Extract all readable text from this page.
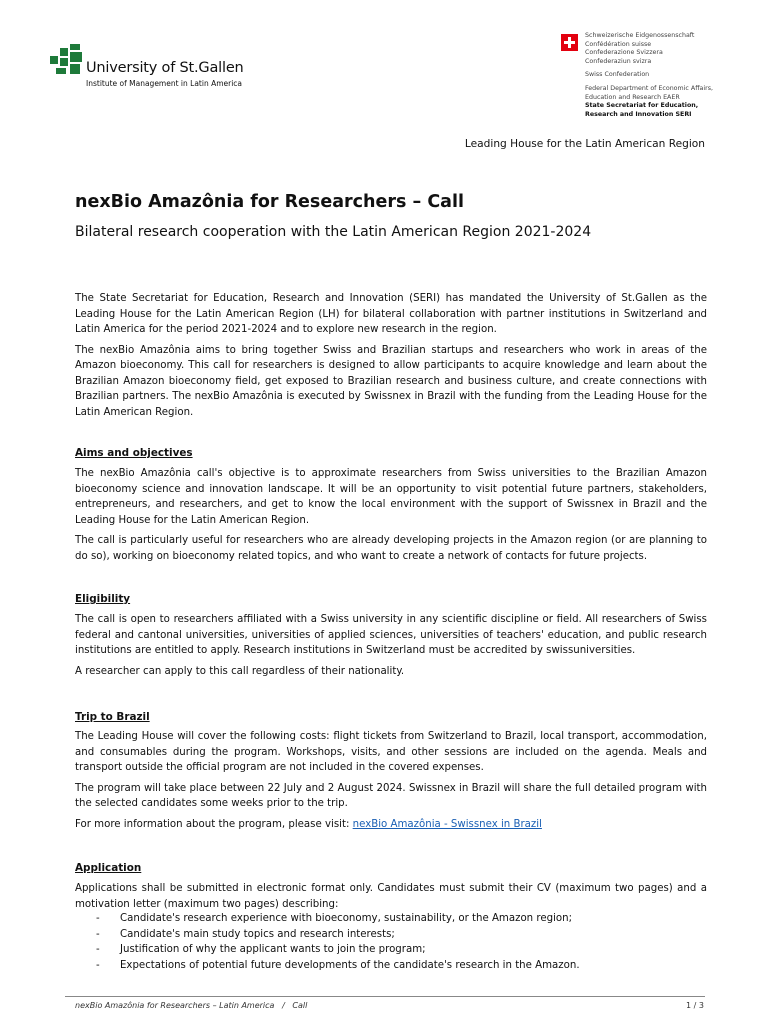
University of St.Gallen
Institute of Management in Latin America
Schweizerische Eidgenossenschaft
Confédération suisse
Confederazione Svizzera
Confederaziun svizra
Swiss Confederation
Federal Department of Economic Affairs,
Education and Research EAER
State Secretariat for Education,
Research and Innovation SERI
Leading House for the Latin American Region
nexBio Amazônia for Researchers – Call
Bilateral research cooperation with the Latin American Region 2021-2024

The State Secretariat for Education, Research and Innovation (SERI) has mandated the University of St.Gallen as the Leading House for the Latin American Region (LH) for bilateral collaboration with partner institutions in Switzerland and Latin America for the period 2021-2024 and to explore new research in the region.

The nexBio Amazônia aims to bring together Swiss and Brazilian startups and researchers who work in areas of the Amazon bioeconomy. This call for researchers is designed to allow participants to acquire knowledge and learn about the Brazilian Amazon bioeconomy field, get exposed to Brazilian research and business culture, and create connections with Brazilian partners. The nexBio Amazônia is executed by Swissnex in Brazil with the funding from the Leading House for the Latin American Region.

Aims and objectives

The nexBio Amazônia call's objective is to approximate researchers from Swiss universities to the Brazilian Amazon bioeconomy science and innovation landscape. It will be an opportunity to visit potential future partners, stakeholders, entrepreneurs, and researchers, and get to know the local environment with the support of Swissnex in Brazil and the Leading House for the Latin American Region.

The call is particularly useful for researchers who are already developing projects in the Amazon region (or are planning to do so), working on bioeconomy related topics, and who want to create a network of contacts for future projects.

Eligibility

The call is open to researchers affiliated with a Swiss university in any scientific discipline or field. All researchers of Swiss federal and cantonal universities, universities of applied sciences, universities of teachers' education, and public research institutions are entitled to apply. Research institutions in Switzerland must be accredited by swissuniversities.

A researcher can apply to this call regardless of their nationality.

Trip to Brazil

The Leading House will cover the following costs: flight tickets from Switzerland to Brazil, local transport, accommodation, and consumables during the program. Workshops, visits, and other sessions are included on the agenda. Meals and transport outside the official program are not included in the covered expenses.

The program will take place between 22 July and 2 August 2024. Swissnex in Brazil will share the full detailed program with the selected candidates some weeks prior to the trip.

For more information about the program, please visit: nexBio Amazônia - Swissnex in Brazil

Application

Applications shall be submitted in electronic format only. Candidates must submit their CV (maximum two pages) and a motivation letter (maximum two pages) describing:

- Candidate's research experience with bioeconomy, sustainability, or the Amazon region;
- Candidate's main study topics and research interests;
- Justification of why the applicant wants to join the program;
- Expectations of potential future developments of the candidate's research in the Amazon.
nexBio Amazônia for Researchers – Latin America   /   Call	1 / 3
